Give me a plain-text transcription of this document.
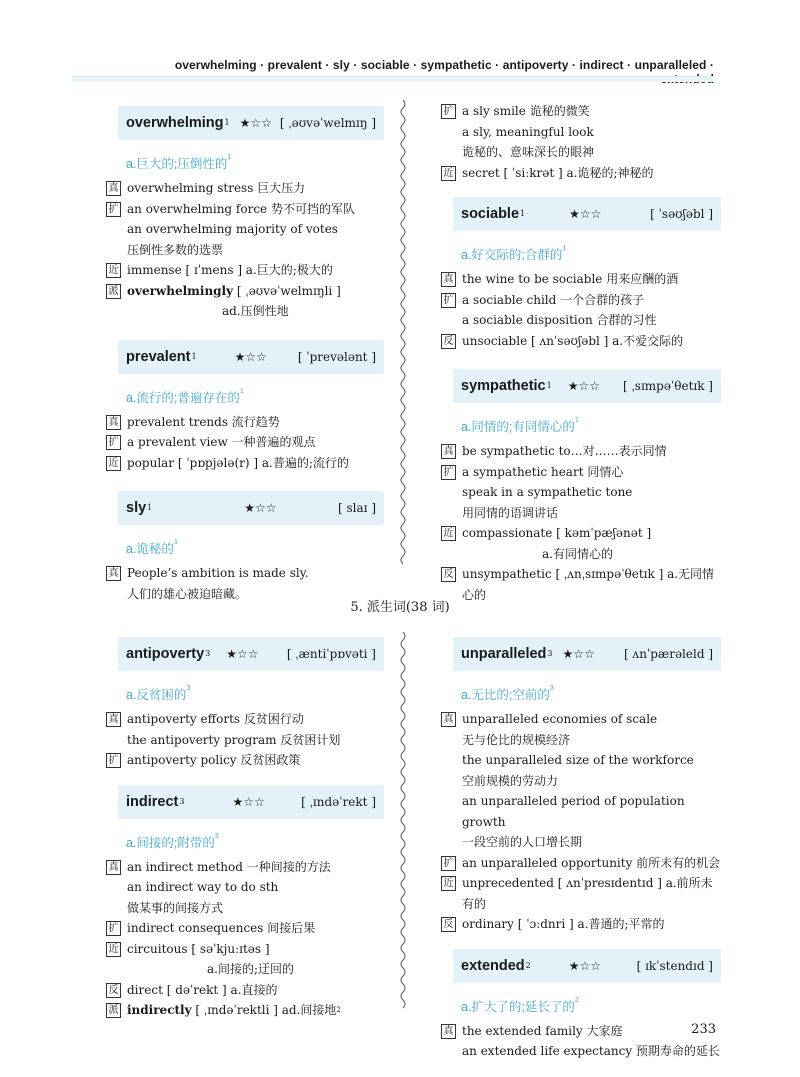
overwhelming · prevalent · sly · sociable · sympathetic · antipoverty · indirect · unparalleled ·
overwhelming 1 ★☆☆ [ ˌəʊvəˈwelmɪŋ ]
a.巨大的;压倒性的$^1$
真 overwhelming stress 巨大压力
扩 an overwhelming force 势不可挡的军队
an overwhelming majority of votes
压倒性多数的选票
近 immense [ ɪˈmens ] a.巨大的;极大的
派 overwhelmingly [ ˌəʊvəˈwelmɪŋli ]
ad.压倒性地
prevalent 1	★☆☆	[ ˈprevələnt ]
a.流行的;普遍存在的$^1$
真 prevalent trends 流行趋势
扩 a prevalent view 一种普遍的观点
近 popular [ ˈpɒpjələ(r) ] a.普遍的;流行的
sly 1	★☆☆	[ slaɪ ]
a.诡秘的$^1$
真 People’s ambition is made sly.
人们的雄心被迫暗藏。
扩 a sly smile 诡秘的微笑
a sly, meaningful look
诡秘的、意味深长的眼神
近 secret [ ˈsiːkrət ] a.诡秘的;神秘的
sociable 1	★☆☆	[ ˈsəʊʃəbl ]
a.好交际的;合群的$^1$
真 the wine to be sociable 用来应酬的酒
扩 a sociable child 一个合群的孩子
a sociable disposition 合群的习性
反 unsociable [ ʌnˈsəʊʃəbl ] a.不爱交际的
sympathetic 1 ★☆☆ [ ˌsɪmpəˈθetɪk ]
a.同情的;有同情心的$^1$
真 be sympathetic to…对……表示同情
扩 a sympathetic heart 同情心
speak in a sympathetic tone
用同情的语调讲话
近 compassionate [ kəmˈpæʃənət ]
a.有同情心的
反 unsympathetic [ ˌʌnˌsɪmpəˈθetɪk ] a.无同情心的
5. 派生词(38 词)
antipoverty 3 ★☆☆ [ ˌæntiˈpɒvəti ]
a.反贫困的$^3$
真 antipoverty efforts 反贫困行动
the antipoverty program 反贫困计划
扩 antipoverty policy 反贫困政策
indirect 3	★☆☆	[ ˌɪndəˈrekt ]
a.间接的;附带的$^3$
真 an indirect method 一种间接的方法
an indirect way to do sth
做某事的间接方式
扩 indirect consequences 间接后果
近 circuitous [ səˈkjuːɪtəs ]
a.间接的;迂回的
反 direct [ dəˈrekt ] a.直接的
派 indirectly [ ˌɪndəˈrektli ] ad.间接地$^2$
unparalleled 3 ★☆☆ [ ʌnˈpærəleld ]
a.无比的;空前的$^3$
真 unparalleled economies of scale
无与伦比的规模经济
the unparalleled size of the workforce
空前规模的劳动力
an unparalleled period of population growth
一段空前的人口增长期
扩 an unparalleled opportunity 前所未有的机会
近 unprecedented [ ʌnˈpresɪdentɪd ] a.前所未有的
反 ordinary [ ˈɔːdnri ] a.普通的;平常的
extended 2	★☆☆	[ ɪkˈstendɪd ]
a.扩大了的;延长了的$^2$
真 the extended family 大家庭
an extended life expectancy 预期寿命的延长
233
